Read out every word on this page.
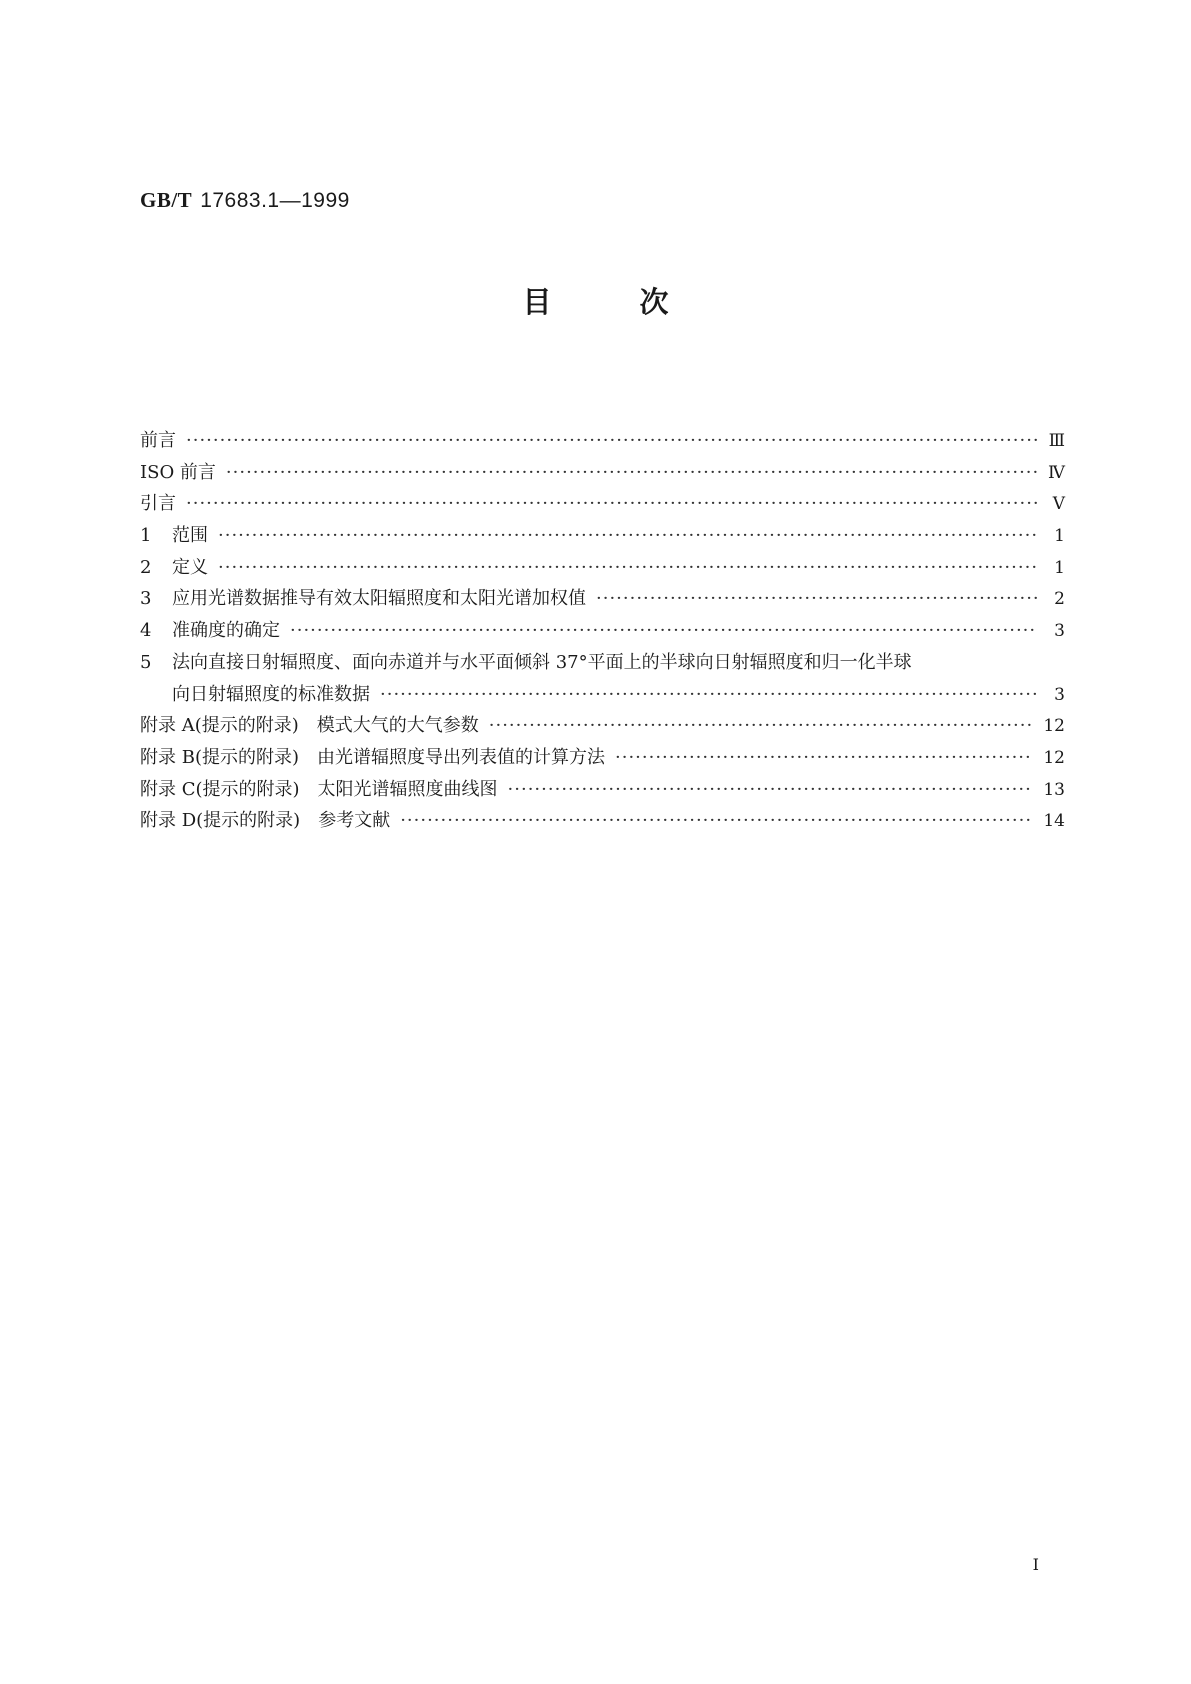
GB/T 17683.1—1999
目	次
前言 ·····	Ⅲ
ISO 前言 ·····	Ⅳ
引言 ·····	Ⅴ
1	范围 ·····	1
2	定义 ·····	1
3	应用光谱数据推导有效太阳辐照度和太阳光谱加权值 ·····	2
4	准确度的确定 ·····	3
5	法向直接日射辐照度、面向赤道并与水平面倾斜 37°平面上的半球向日射辐照度和归一化半球
向日射辐照度的标准数据 ·····	3
附录 A(提示的附录)　模式大气的大气参数 ·····	12
附录 B(提示的附录)　由光谱辐照度导出列表值的计算方法 ·····	12
附录 C(提示的附录)　太阳光谱辐照度曲线图 ·····	13
附录 D(提示的附录)　参考文献 ·····	14
Ⅰ
